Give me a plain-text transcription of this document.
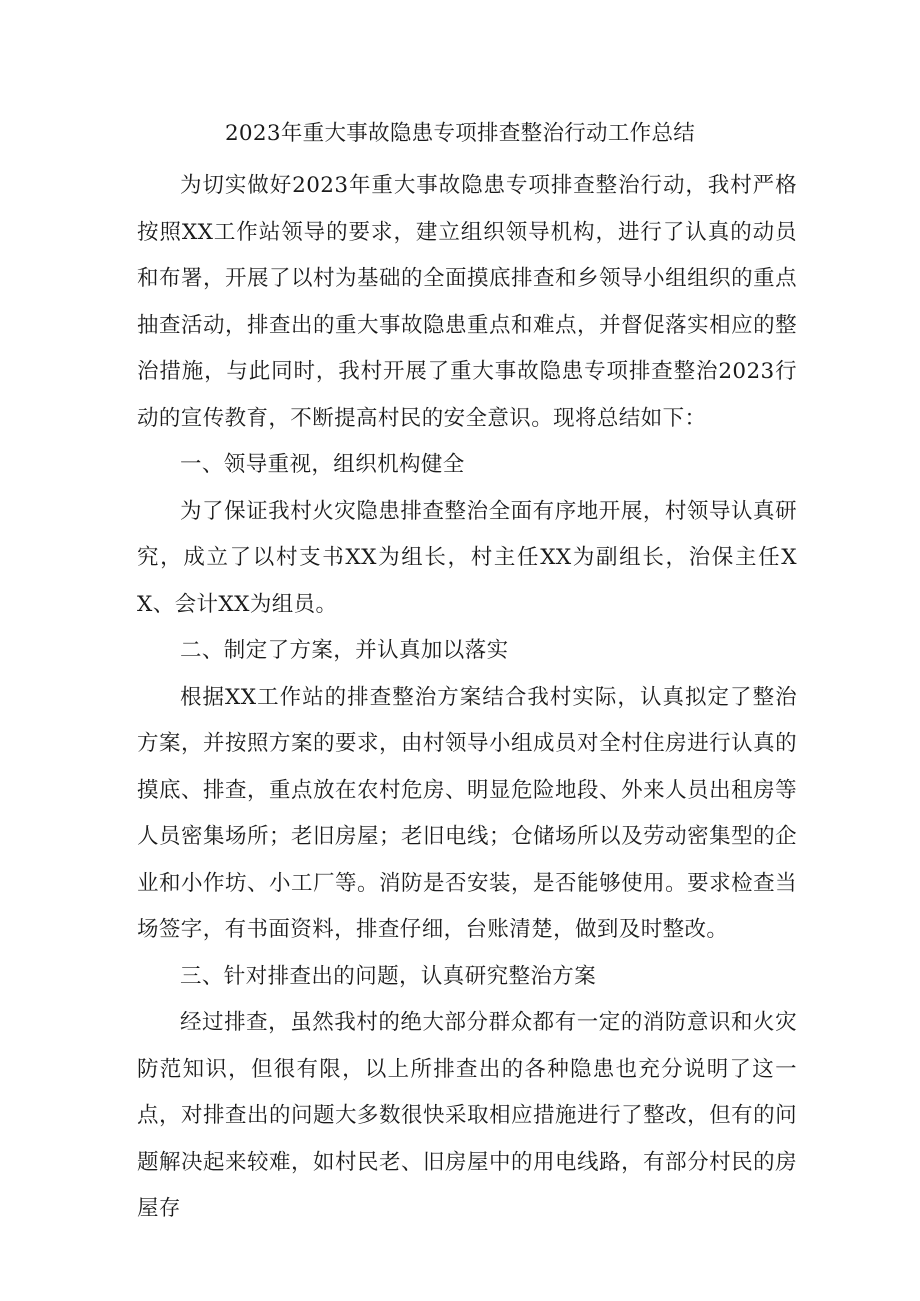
2023年重大事故隐患专项排查整治行动工作总结

为切实做好2023年重大事故隐患专项排查整治行动，我村严格按照XX工作站领导的要求，建立组织领导机构，进行了认真的动员和布署，开展了以村为基础的全面摸底排查和乡领导小组组织的重点抽查活动，排查出的重大事故隐患重点和难点，并督促落实相应的整治措施，与此同时，我村开展了重大事故隐患专项排查整治2023行动的宣传教育，不断提高村民的安全意识。现将总结如下：

一、领导重视，组织机构健全

为了保证我村火灾隐患排查整治全面有序地开展，村领导认真研究，成立了以村支书XX为组长，村主任XX为副组长，治保主任XX、会计XX为组员。

二、制定了方案，并认真加以落实

根据XX工作站的排查整治方案结合我村实际，认真拟定了整治方案，并按照方案的要求，由村领导小组成员对全村住房进行认真的摸底、排查，重点放在农村危房、明显危险地段、外来人员出租房等人员密集场所；老旧房屋；老旧电线；仓储场所以及劳动密集型的企业和小作坊、小工厂等。消防是否安装，是否能够使用。要求检查当场签字，有书面资料，排查仔细，台账清楚，做到及时整改。

三、针对排查出的问题，认真研究整治方案

经过排查，虽然我村的绝大部分群众都有一定的消防意识和火灾防范知识，但很有限，以上所排查出的各种隐患也充分说明了这一点，对排查出的问题大多数很快采取相应措施进行了整改，但有的问题解决起来较难，如村民老、旧房屋中的用电线路，有部分村民的房屋存
